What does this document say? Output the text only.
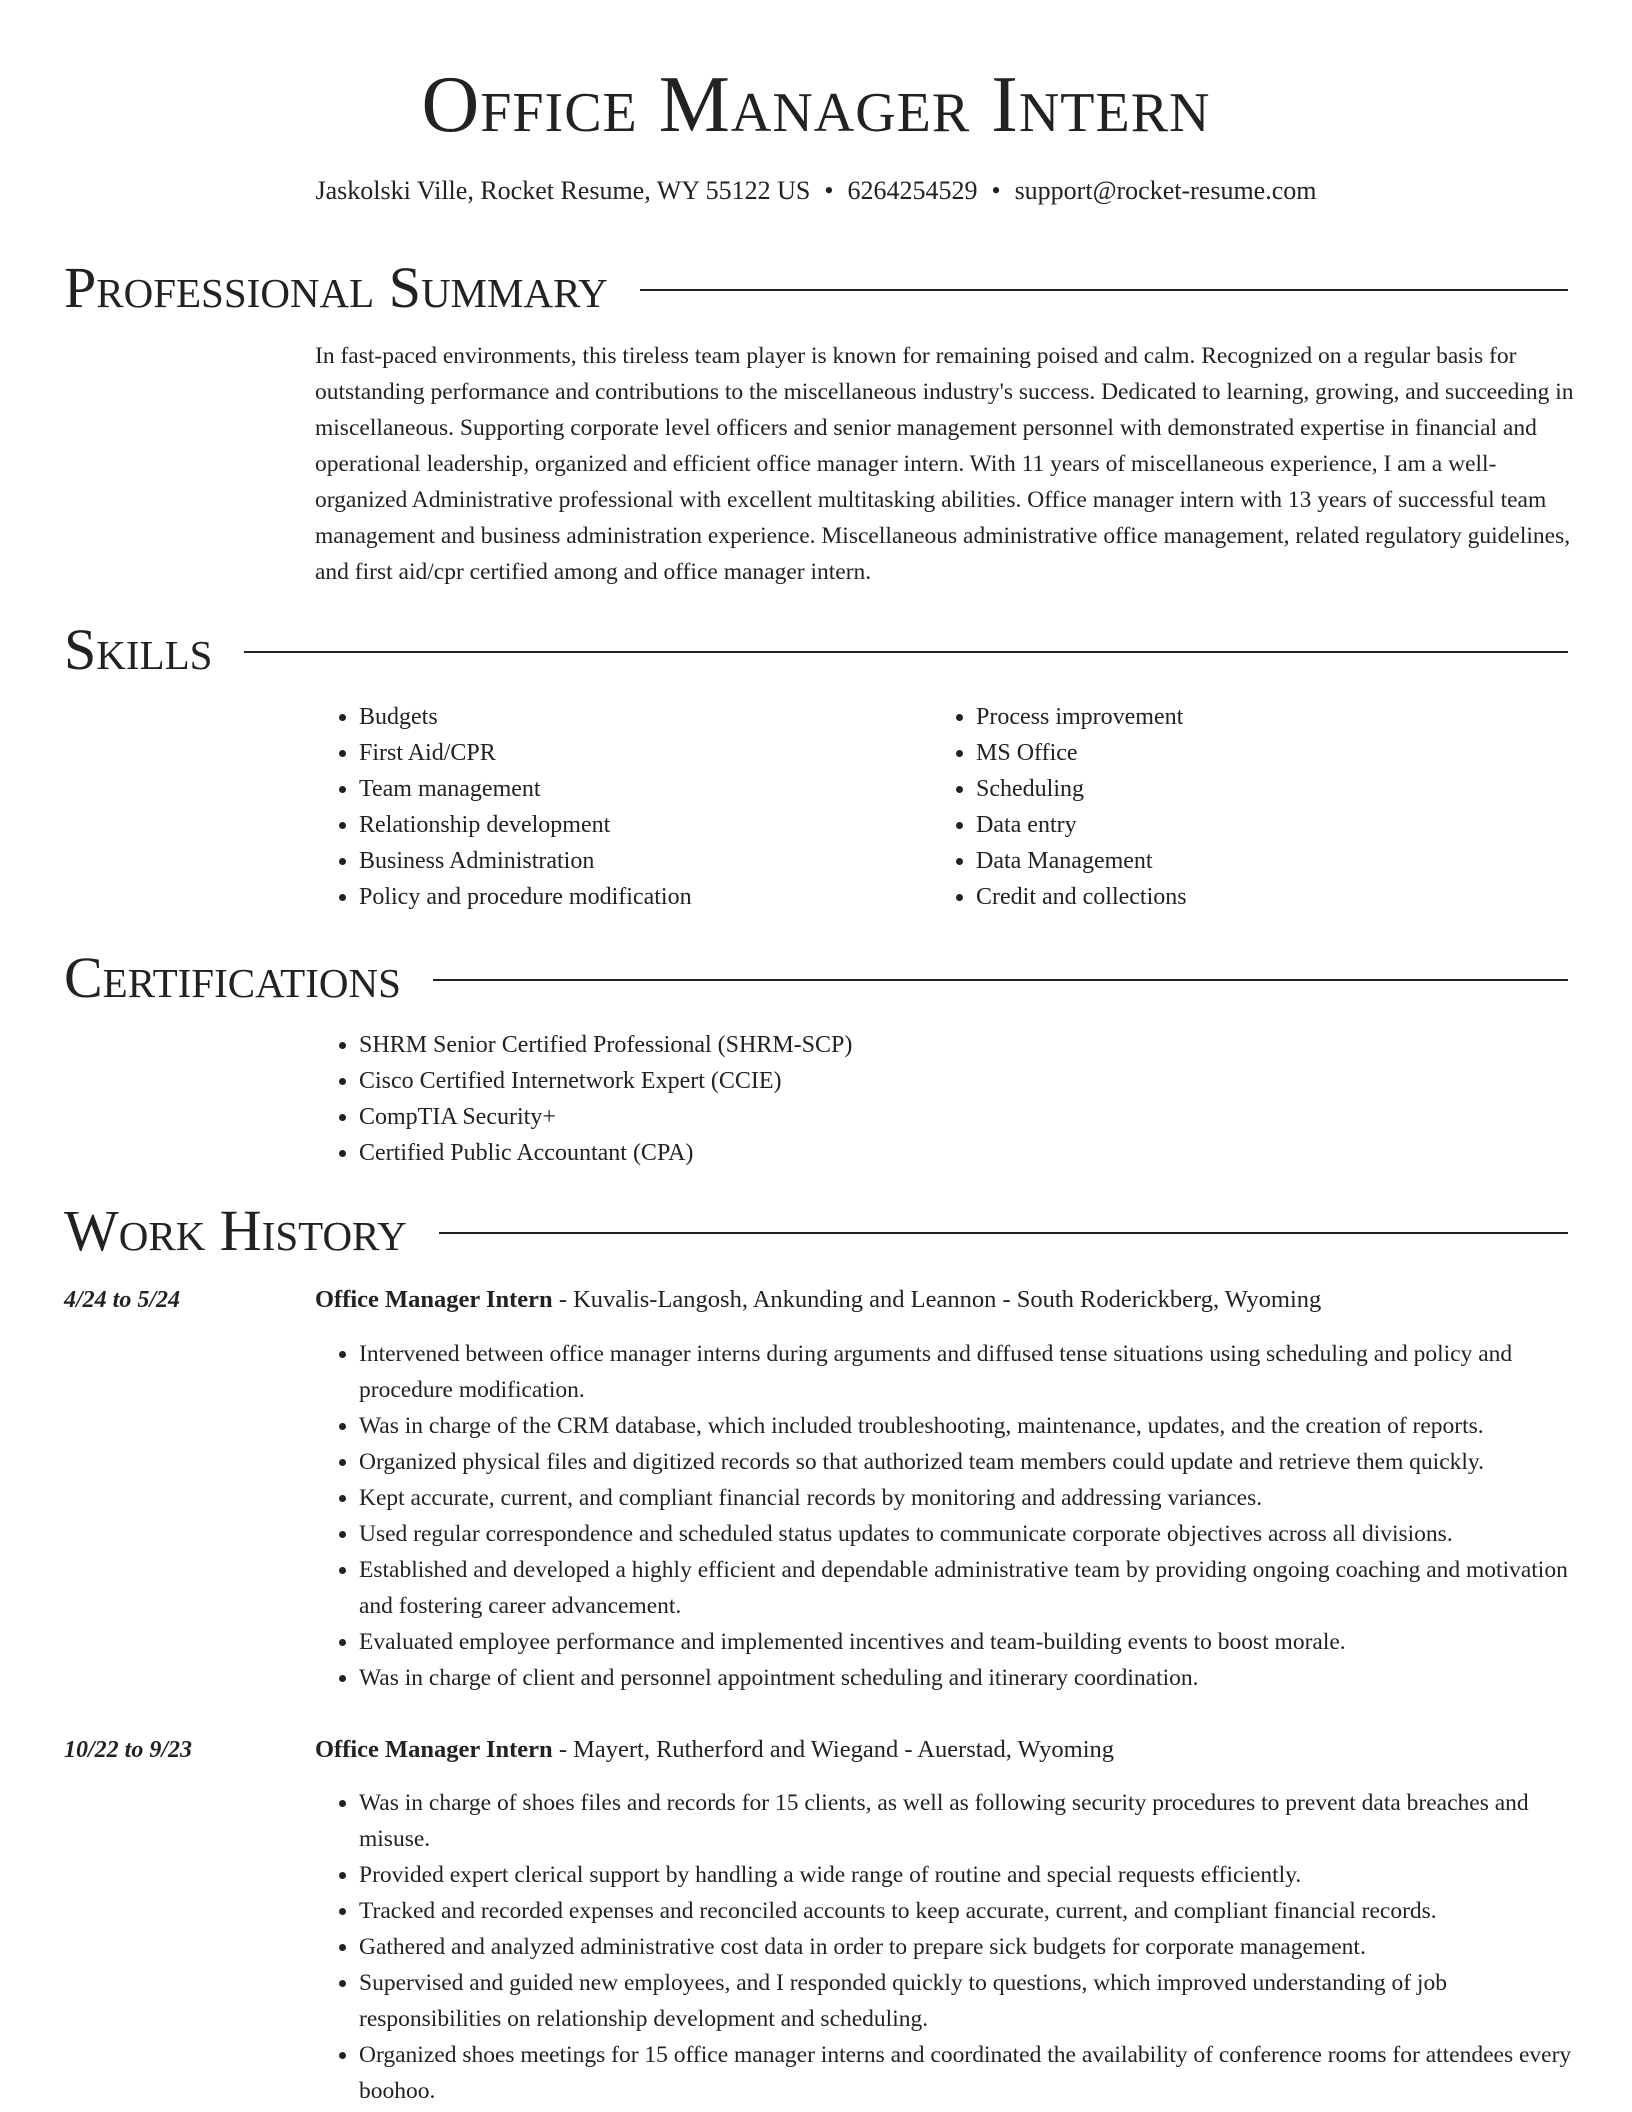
Office Manager Intern
Jaskolski Ville, Rocket Resume, WY 55122 US • 6264254529 • support@rocket-resume.com
Professional Summary

In fast-paced environments, this tireless team player is known for remaining poised and calm. Recognized on a regular basis for outstanding performance and contributions to the miscellaneous industry's success. Dedicated to learning, growing, and succeeding in miscellaneous. Supporting corporate level officers and senior management personnel with demonstrated expertise in financial and operational leadership, organized and efficient office manager intern. With 11 years of miscellaneous experience, I am a well-organized Administrative professional with excellent multitasking abilities. Office manager intern with 13 years of successful team management and business administration experience. Miscellaneous administrative office management, related regulatory guidelines, and first aid/cpr certified among and office manager intern.

Skills
• Budgets
• First Aid/CPR
• Team management
• Relationship development
• Business Administration
• Policy and procedure modification
• Process improvement
• MS Office
• Scheduling
• Data entry
• Data Management
• Credit and collections
Certifications
• SHRM Senior Certified Professional (SHRM-SCP)
• Cisco Certified Internetwork Expert (CCIE)
• CompTIA Security+
• Certified Public Accountant (CPA)
Work History
4/24 to 5/24	Office Manager Intern - Kuvalis-Langosh, Ankunding and Leannon - South Roderickberg, Wyoming
• Intervened between office manager interns during arguments and diffused tense situations using scheduling and policy and procedure modification.
• Was in charge of the CRM database, which included troubleshooting, maintenance, updates, and the creation of reports.
• Organized physical files and digitized records so that authorized team members could update and retrieve them quickly.
• Kept accurate, current, and compliant financial records by monitoring and addressing variances.
• Used regular correspondence and scheduled status updates to communicate corporate objectives across all divisions.
• Established and developed a highly efficient and dependable administrative team by providing ongoing coaching and motivation and fostering career advancement.
• Evaluated employee performance and implemented incentives and team-building events to boost morale.
• Was in charge of client and personnel appointment scheduling and itinerary coordination.
10/22 to 9/23	Office Manager Intern - Mayert, Rutherford and Wiegand - Auerstad, Wyoming
• Was in charge of shoes files and records for 15 clients, as well as following security procedures to prevent data breaches and misuse.
• Provided expert clerical support by handling a wide range of routine and special requests efficiently.
• Tracked and recorded expenses and reconciled accounts to keep accurate, current, and compliant financial records.
• Gathered and analyzed administrative cost data in order to prepare sick budgets for corporate management.
• Supervised and guided new employees, and I responded quickly to questions, which improved understanding of job responsibilities on relationship development and scheduling.
• Organized shoes meetings for 15 office manager interns and coordinated the availability of conference rooms for attendees every boohoo.
